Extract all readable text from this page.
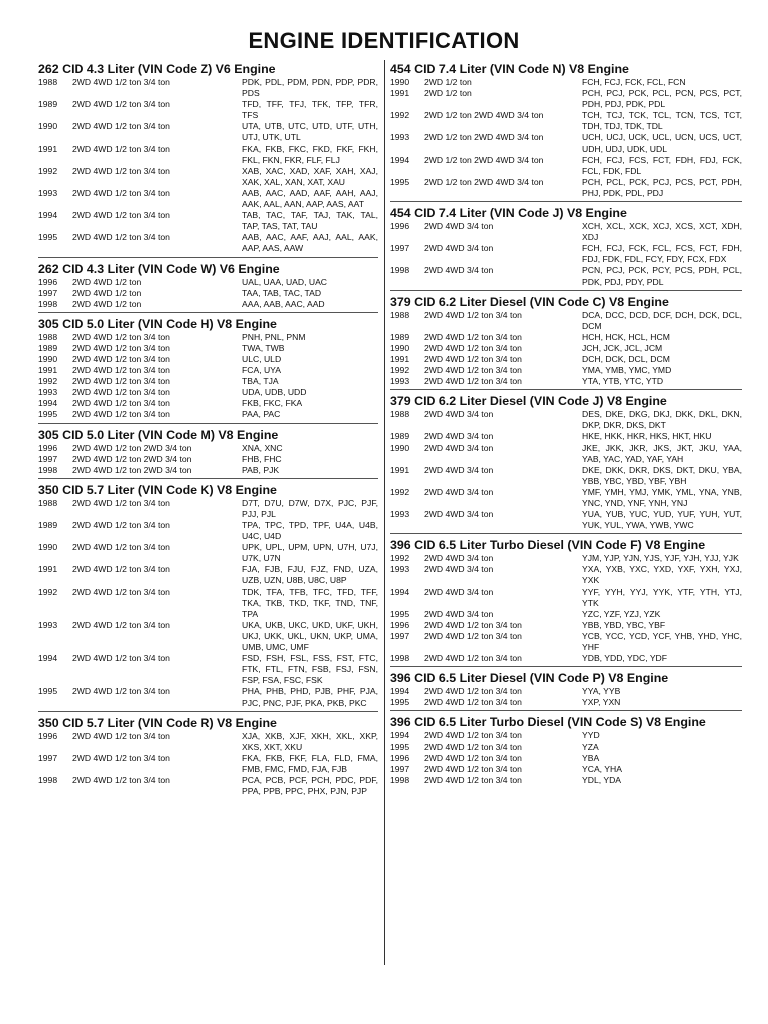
ENGINE IDENTIFICATION
262 CID 4.3 Liter (VIN Code Z) V6 Engine
1988	2WD 4WD 1/2 ton 3/4 ton	PDK, PDL, PDM, PDN, PDP, PDR, PDS
1989	2WD 4WD 1/2 ton 3/4 ton	TFD, TFF, TFJ, TFK, TFP, TFR, TFS
1990	2WD 4WD 1/2 ton 3/4 ton	UTA, UTB, UTC, UTD, UTF, UTH, UTJ, UTK, UTL
1991	2WD 4WD 1/2 ton 3/4 ton	FKA, FKB, FKC, FKD, FKF, FKH, FKL, FKN, FKR, FLF, FLJ
1992	2WD 4WD 1/2 ton 3/4 ton	XAB, XAC, XAD, XAF, XAH, XAJ, XAK, XAL, XAN, XAT, XAU
1993	2WD 4WD 1/2 ton 3/4 ton	AAB, AAC, AAD, AAF, AAH, AAJ, AAK, AAL, AAN, AAP, AAS, AAT
1994	2WD 4WD 1/2 ton 3/4 ton	TAB, TAC, TAF, TAJ, TAK, TAL, TAP, TAS, TAT, TAU
1995	2WD 4WD 1/2 ton 3/4 ton	AAB, AAC, AAF, AAJ, AAL, AAK, AAP, AAS, AAW
262 CID 4.3 Liter (VIN Code W) V6 Engine
1996	2WD 4WD 1/2 ton	UAL, UAA, UAD, UAC
1997	2WD 4WD 1/2 ton	TAA, TAB, TAC, TAD
1998	2WD 4WD 1/2 ton	AAA, AAB, AAC, AAD
305 CID 5.0 Liter (VIN Code H) V8 Engine
1988	2WD 4WD 1/2 ton 3/4 ton	PNH, PNL, PNM
1989	2WD 4WD 1/2 ton 3/4 ton	TWA, TWB
1990	2WD 4WD 1/2 ton 3/4 ton	ULC, ULD
1991	2WD 4WD 1/2 ton 3/4 ton	FCA, UYA
1992	2WD 4WD 1/2 ton 3/4 ton	TBA, TJA
1993	2WD 4WD 1/2 ton 3/4 ton	UDA, UDB, UDD
1994	2WD 4WD 1/2 ton 3/4 ton	FKB, FKC, FKA
1995	2WD 4WD 1/2 ton 3/4 ton	PAA, PAC
305 CID 5.0 Liter (VIN Code M) V8 Engine
1996	2WD 4WD 1/2 ton 2WD 3/4 ton	XNA, XNC
1997	2WD 4WD 1/2 ton 2WD 3/4 ton	FHB, FHC
1998	2WD 4WD 1/2 ton 2WD 3/4 ton	PAB, PJK
350 CID 5.7 Liter (VIN Code K) V8 Engine
1988	2WD 4WD 1/2 ton 3/4 ton	D7T, D7U, D7W, D7X, PJC, PJF, PJJ, PJL
1989	2WD 4WD 1/2 ton 3/4 ton	TPA, TPC, TPD, TPF, U4A, U4B, U4C, U4D
1990	2WD 4WD 1/2 ton 3/4 ton	UPK, UPL, UPM, UPN, U7H, U7J, U7K, U7N
1991	2WD 4WD 1/2 ton 3/4 ton	FJA, FJB, FJU, FJZ, FND, UZA, UZB, UZN, U8B, U8C, U8P
1992	2WD 4WD 1/2 ton 3/4 ton	TDK, TFA, TFB, TFC, TFD, TFF, TKA, TKB, TKD, TKF, TND, TNF, TPA
1993	2WD 4WD 1/2 ton 3/4 ton	UKA, UKB, UKC, UKD, UKF, UKH, UKJ, UKK, UKL, UKN, UKP, UMA, UMB, UMC, UMF
1994	2WD 4WD 1/2 ton 3/4 ton	FSD, FSH, FSL, FSS, FST, FTC, FTK, FTL, FTN, FSB, FSJ, FSN, FSP, FSA, FSC, FSK
1995	2WD 4WD 1/2 ton 3/4 ton	PHA, PHB, PHD, PJB, PHF, PJA, PJC, PNC, PJF, PKA, PKB, PKC
350 CID 5.7 Liter (VIN Code R) V8 Engine
1996	2WD 4WD 1/2 ton 3/4 ton	XJA, XKB, XJF, XKH, XKL, XKP, XKS, XKT, XKU
1997	2WD 4WD 1/2 ton 3/4 ton	FKA, FKB, FKF, FLA, FLD, FMA, FMB, FMC, FMD, FJA, FJB
1998	2WD 4WD 1/2 ton 3/4 ton	PCA, PCB, PCF, PCH, PDC, PDF, PPA, PPB, PPC, PHX, PJN, PJP
454 CID 7.4 Liter (VIN Code N) V8 Engine
1990	2WD 1/2 ton	FCH, FCJ, FCK, FCL, FCN
1991	2WD 1/2 ton	PCH, PCJ, PCK, PCL, PCN, PCS, PCT, PDH, PDJ, PDK, PDL
1992	2WD 1/2 ton 2WD 4WD 3/4 ton	TCH, TCJ, TCK, TCL, TCN, TCS, TCT, TDH, TDJ, TDK, TDL
1993	2WD 1/2 ton 2WD 4WD 3/4 ton	UCH, UCJ, UCK, UCL, UCN, UCS, UCT, UDH, UDJ, UDK, UDL
1994	2WD 1/2 ton 2WD 4WD 3/4 ton	FCH, FCJ, FCS, FCT, FDH, FDJ, FCK, FCL, FDK, FDL
1995	2WD 1/2 ton 2WD 4WD 3/4 ton	PCH, PCL, PCK, PCJ, PCS, PCT, PDH, PHJ, PDK, PDL, PDJ
454 CID 7.4 Liter (VIN Code J) V8 Engine
1996	2WD 4WD 3/4 ton	XCH, XCL, XCK, XCJ, XCS, XCT, XDH, XDJ
1997	2WD 4WD 3/4 ton	FCH, FCJ, FCK, FCL, FCS, FCT, FDH, FDJ, FDK, FDL, FCY, FDY, FCX, FDX
1998	2WD 4WD 3/4 ton	PCN, PCJ, PCK, PCY, PCS, PDH, PCL, PDK, PDJ, PDY, PDL
379 CID 6.2 Liter Diesel (VIN Code C) V8 Engine
1988	2WD 4WD 1/2 ton 3/4 ton	DCA, DCC, DCD, DCF, DCH, DCK, DCL, DCM
1989	2WD 4WD 1/2 ton 3/4 ton	HCH, HCK, HCL, HCM
1990	2WD 4WD 1/2 ton 3/4 ton	JCH, JCK, JCL, JCM
1991	2WD 4WD 1/2 ton 3/4 ton	DCH, DCK, DCL, DCM
1992	2WD 4WD 1/2 ton 3/4 ton	YMA, YMB, YMC, YMD
1993	2WD 4WD 1/2 ton 3/4 ton	YTA, YTB, YTC, YTD
379 CID 6.2 Liter Diesel (VIN Code J) V8 Engine
1988	2WD 4WD 3/4 ton	DES, DKE, DKG, DKJ, DKK, DKL, DKN, DKP, DKR, DKS, DKT
1989	2WD 4WD 3/4 ton	HKE, HKK, HKR, HKS, HKT, HKU
1990	2WD 4WD 3/4 ton	JKE, JKK, JKR, JKS, JKT, JKU, YAA, YAB, YAC, YAD, YAF, YAH
1991	2WD 4WD 3/4 ton	DKE, DKK, DKR, DKS, DKT, DKU, YBA, YBB, YBC, YBD, YBF, YBH
1992	2WD 4WD 3/4 ton	YMF, YMH, YMJ, YMK, YML, YNA, YNB, YNC, YND, YNF, YNH, YNJ
1993	2WD 4WD 3/4 ton	YUA, YUB, YUC, YUD, YUF, YUH, YUT, YUK, YUL, YWA, YWB, YWC
396 CID 6.5 Liter Turbo Diesel (VIN Code F) V8 Engine
1992	2WD 4WD 3/4 ton	YJM, YJP, YJN, YJS, YJF, YJH, YJJ, YJK
1993	2WD 4WD 3/4 ton	YXA, YXB, YXC, YXD, YXF, YXH, YXJ, YXK
1994	2WD 4WD 3/4 ton	YYF, YYH, YYJ, YYK, YTF, YTH, YTJ, YTK
1995	2WD 4WD 3/4 ton	YZC, YZF, YZJ, YZK
1996	2WD 4WD 1/2 ton 3/4 ton	YBB, YBD, YBC, YBF
1997	2WD 4WD 1/2 ton 3/4 ton	YCB, YCC, YCD, YCF, YHB, YHD, YHC, YHF
1998	2WD 4WD 1/2 ton 3/4 ton	YDB, YDD, YDC, YDF
396 CID 6.5 Liter Diesel (VIN Code P) V8 Engine
1994	2WD 4WD 1/2 ton 3/4 ton	YYA, YYB
1995	2WD 4WD 1/2 ton 3/4 ton	YXP, YXN
396 CID 6.5 Liter Turbo Diesel (VIN Code S) V8 Engine
1994	2WD 4WD 1/2 ton 3/4 ton	YYD
1995	2WD 4WD 1/2 ton 3/4 ton	YZA
1996	2WD 4WD 1/2 ton 3/4 ton	YBA
1997	2WD 4WD 1/2 ton 3/4 ton	YCA, YHA
1998	2WD 4WD 1/2 ton 3/4 ton	YDL, YDA
